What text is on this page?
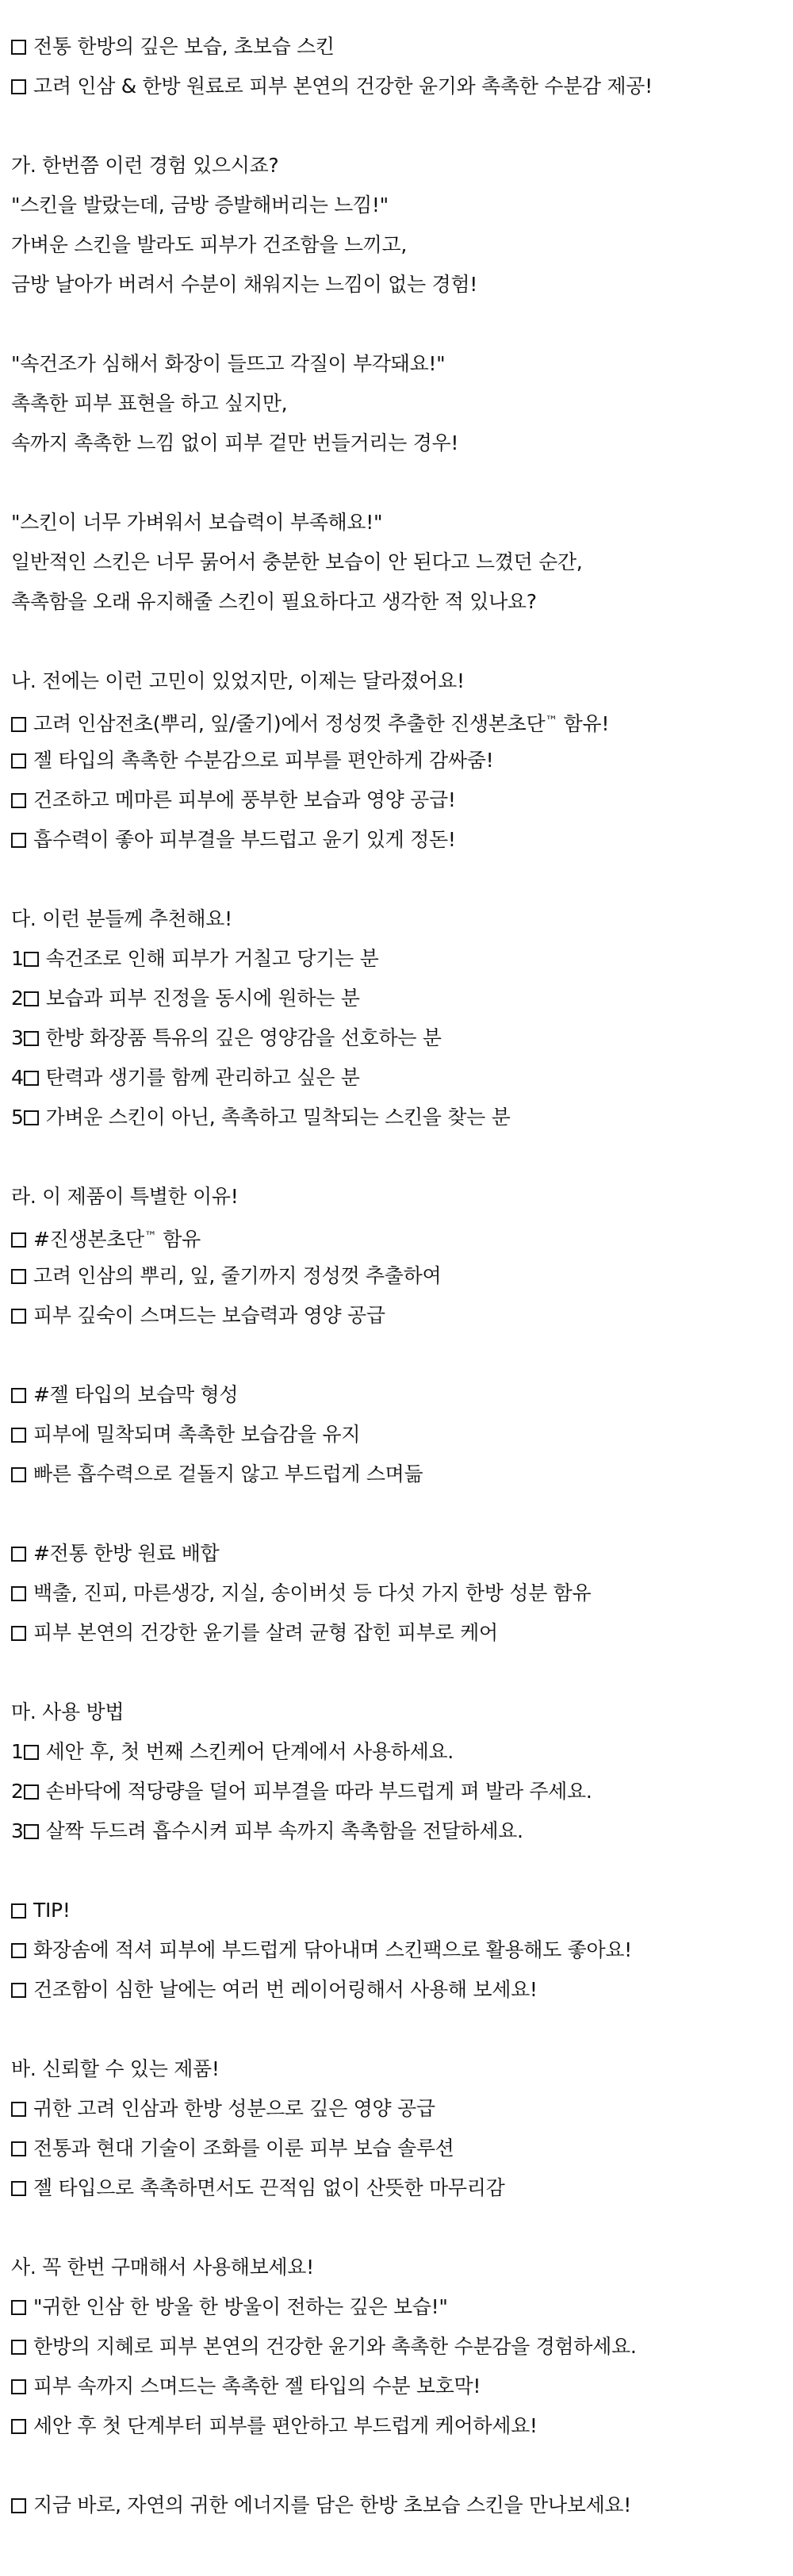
전통 한방의 깊은 보습, 초보습 스킨
고려 인삼 & 한방 원료로 피부 본연의 건강한 윤기와 촉촉한 수분감 제공!
가. 한번쯤 이런 경험 있으시죠?
"스킨을 발랐는데, 금방 증발해버리는 느낌!"
가벼운 스킨을 발라도 피부가 건조함을 느끼고,
금방 날아가 버려서 수분이 채워지는 느낌이 없는 경험!
"속건조가 심해서 화장이 들뜨고 각질이 부각돼요!"
촉촉한 피부 표현을 하고 싶지만,
속까지 촉촉한 느낌 없이 피부 겉만 번들거리는 경우!
"스킨이 너무 가벼워서 보습력이 부족해요!"
일반적인 스킨은 너무 묽어서 충분한 보습이 안 된다고 느꼈던 순간,
촉촉함을 오래 유지해줄 스킨이 필요하다고 생각한 적 있나요?
나. 전에는 이런 고민이 있었지만, 이제는 달라졌어요!
고려 인삼전초(뿌리, 잎/줄기)에서 정성껏 추출한 진생본초단™ 함유!
젤 타입의 촉촉한 수분감으로 피부를 편안하게 감싸줌!
건조하고 메마른 피부에 풍부한 보습과 영양 공급!
흡수력이 좋아 피부결을 부드럽고 윤기 있게 정돈!
다. 이런 분들께 추천해요!
1 속건조로 인해 피부가 거칠고 당기는 분
2 보습과 피부 진정을 동시에 원하는 분
3 한방 화장품 특유의 깊은 영양감을 선호하는 분
4 탄력과 생기를 함께 관리하고 싶은 분
5 가벼운 스킨이 아닌, 촉촉하고 밀착되는 스킨을 찾는 분
라. 이 제품이 특별한 이유!
#진생본초단™ 함유
고려 인삼의 뿌리, 잎, 줄기까지 정성껏 추출하여
피부 깊숙이 스며드는 보습력과 영양 공급
#젤 타입의 보습막 형성
피부에 밀착되며 촉촉한 보습감을 유지
빠른 흡수력으로 겉돌지 않고 부드럽게 스며듦
#전통 한방 원료 배합
백출, 진피, 마른생강, 지실, 송이버섯 등 다섯 가지 한방 성분 함유
피부 본연의 건강한 윤기를 살려 균형 잡힌 피부로 케어
마. 사용 방법
1 세안 후, 첫 번째 스킨케어 단계에서 사용하세요.
2 손바닥에 적당량을 덜어 피부결을 따라 부드럽게 펴 발라 주세요.
3 살짝 두드려 흡수시켜 피부 속까지 촉촉함을 전달하세요.
TIP!
화장솜에 적셔 피부에 부드럽게 닦아내며 스킨팩으로 활용해도 좋아요!
건조함이 심한 날에는 여러 번 레이어링해서 사용해 보세요!
바. 신뢰할 수 있는 제품!
귀한 고려 인삼과 한방 성분으로 깊은 영양 공급
전통과 현대 기술이 조화를 이룬 피부 보습 솔루션
젤 타입으로 촉촉하면서도 끈적임 없이 산뜻한 마무리감
사. 꼭 한번 구매해서 사용해보세요!
"귀한 인삼 한 방울 한 방울이 전하는 깊은 보습!"
한방의 지혜로 피부 본연의 건강한 윤기와 촉촉한 수분감을 경험하세요.
피부 속까지 스며드는 촉촉한 젤 타입의 수분 보호막!
세안 후 첫 단계부터 피부를 편안하고 부드럽게 케어하세요!
지금 바로, 자연의 귀한 에너지를 담은 한방 초보습 스킨을 만나보세요!
